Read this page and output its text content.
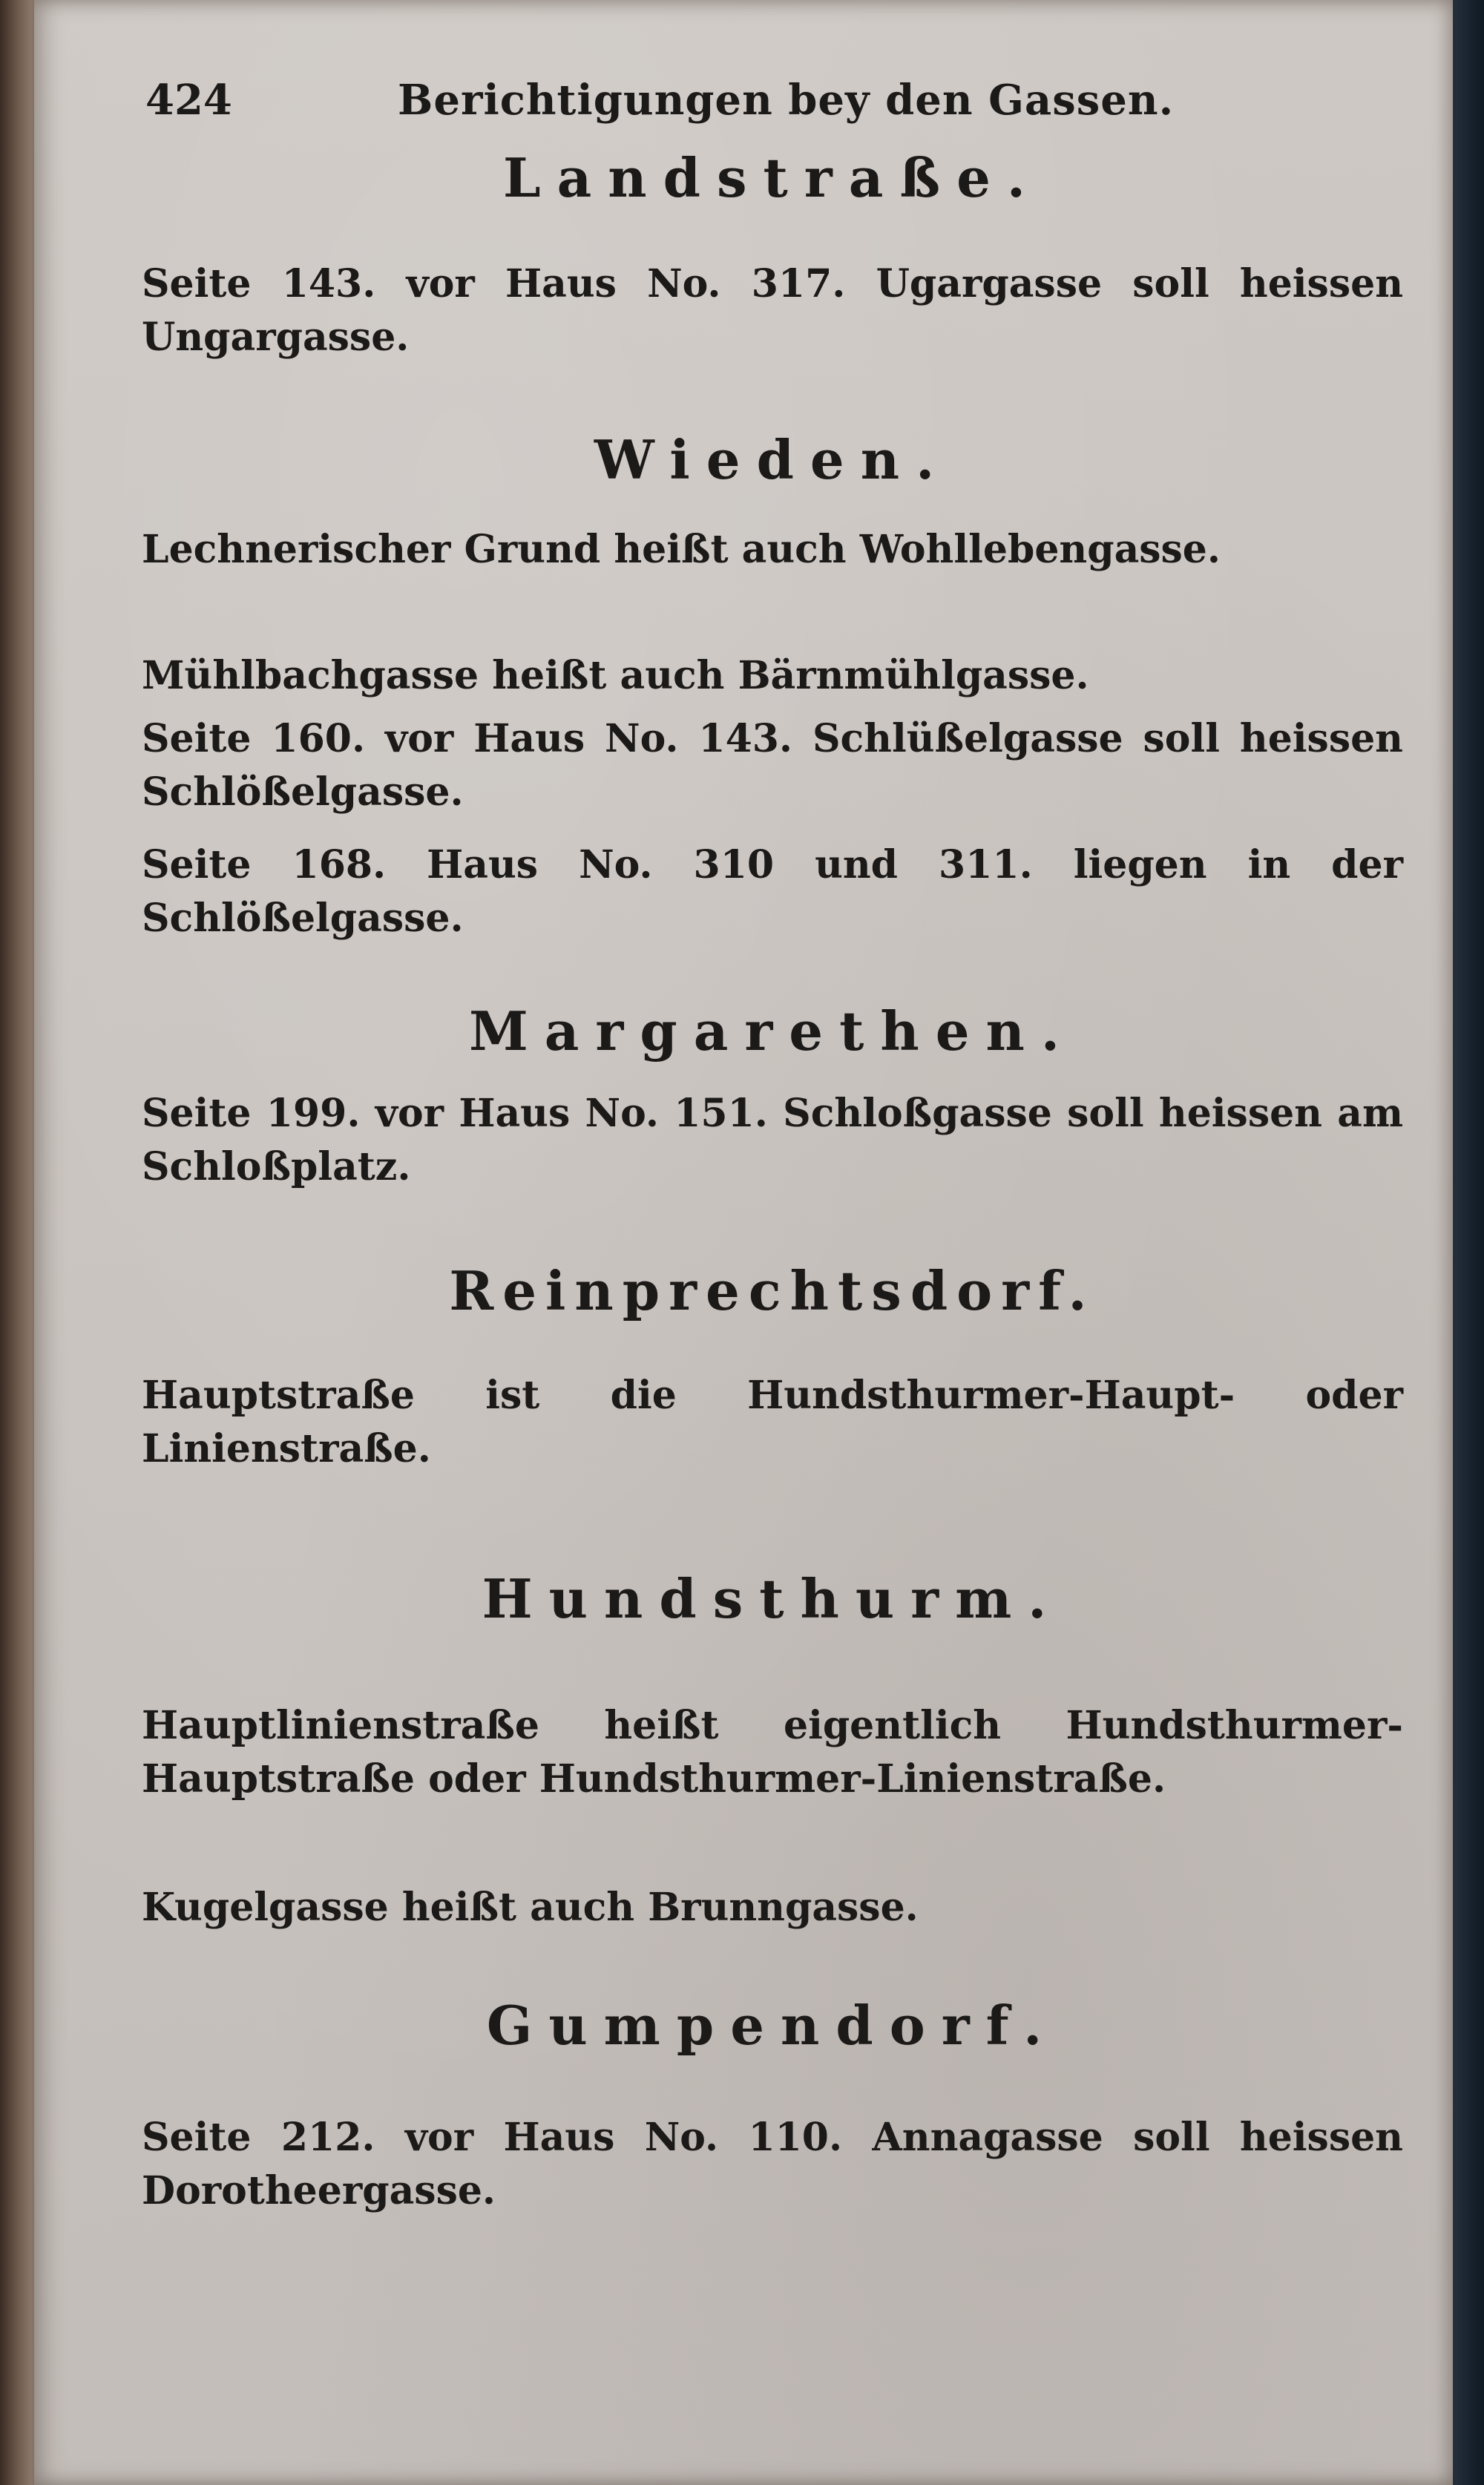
424	Berichtigungen bey den Gassen.
Landstraße.

Seite 143. vor Haus No. 317. Ugargasse soll heissen Ungargasse.

Wieden.

Lechnerischer Grund heißt auch Wohllebengasse.

Mühlbachgasse heißt auch Bärnmühlgasse.

Seite 160. vor Haus No. 143. Schlüßelgasse soll heissen Schlößelgasse.

Seite 168. Haus No. 310 und 311. liegen in der Schlößelgasse.

Margarethen.

Seite 199. vor Haus No. 151. Schloßgasse soll heissen am Schloßplatz.

Reinprechtsdorf.

Hauptstraße ist die Hundsthurmer-Haupt- oder Linienstraße.

Hundsthurm.

Hauptlinienstraße heißt eigentlich Hundsthurmer-Hauptstraße oder Hundsthurmer-Linienstraße.

Kugelgasse heißt auch Brunngasse.

Gumpendorf.

Seite 212. vor Haus No. 110. Annagasse soll heissen Dorotheergasse.
